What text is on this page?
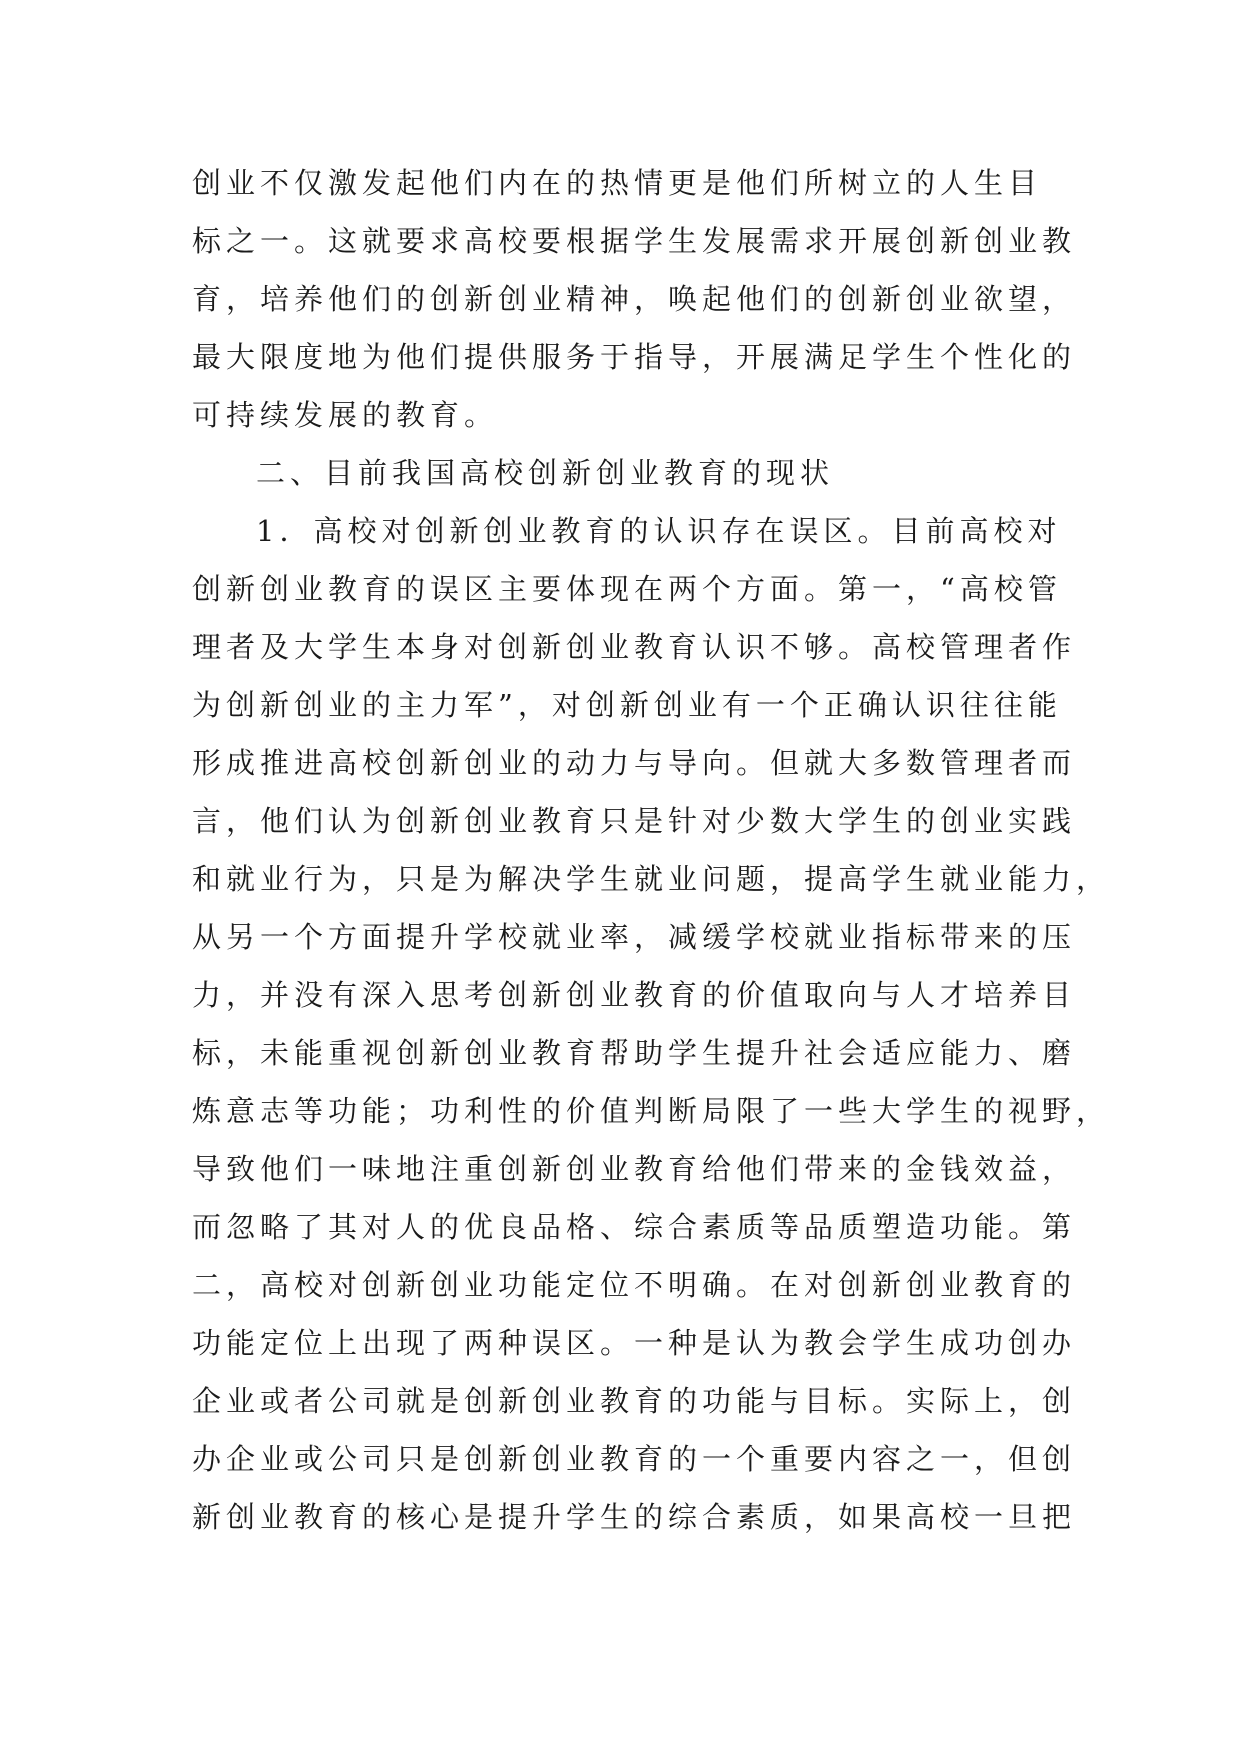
创业不仅激发起他们内在的热情更是他们所树立的人生目
标之一。这就要求高校要根据学生发展需求开展创新创业教
育，培养他们的创新创业精神，唤起他们的创新创业欲望，
最大限度地为他们提供服务于指导，开展满足学生个性化的
可持续发展的教育。
二、目前我国高校创新创业教育的现状
1．高校对创新创业教育的认识存在误区。目前高校对
创新创业教育的误区主要体现在两个方面。第一，“高校管
理者及大学生本身对创新创业教育认识不够。高校管理者作
为创新创业的主力军”，对创新创业有一个正确认识往往能
形成推进高校创新创业的动力与导向。但就大多数管理者而
言，他们认为创新创业教育只是针对少数大学生的创业实践
和就业行为，只是为解决学生就业问题，提高学生就业能力，
从另一个方面提升学校就业率，减缓学校就业指标带来的压
力，并没有深入思考创新创业教育的价值取向与人才培养目
标，未能重视创新创业教育帮助学生提升社会适应能力、磨
炼意志等功能；功利性的价值判断局限了一些大学生的视野，
导致他们一味地注重创新创业教育给他们带来的金钱效益，
而忽略了其对人的优良品格、综合素质等品质塑造功能。第
二，高校对创新创业功能定位不明确。在对创新创业教育的
功能定位上出现了两种误区。一种是认为教会学生成功创办
企业或者公司就是创新创业教育的功能与目标。实际上，创
办企业或公司只是创新创业教育的一个重要内容之一，但创
新创业教育的核心是提升学生的综合素质，如果高校一旦把
